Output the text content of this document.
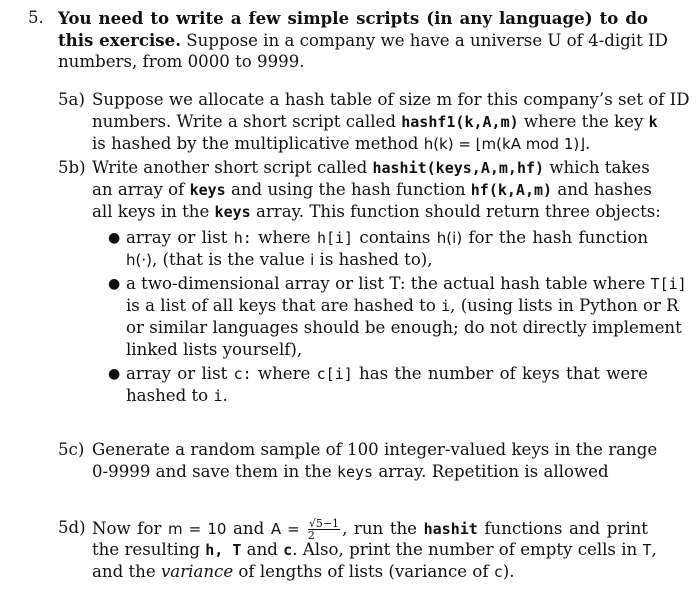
5. You need to write a few simple scripts (in any language) to do
this exercise. Suppose in a company we have a universe U of 4-digit ID
numbers, from 0000 to 9999.
5a) Suppose we allocate a hash table of size m for this company’s set of ID
numbers. Write a short script called hashf1(k,A,m) where the key k
is hashed by the multiplicative method h(k) = ⌊m(kA mod 1)⌋.
5b) Write another short script called hashit(keys,A,m,hf) which takes
an array of keys and using the hash function hf(k,A,m) and hashes
all keys in the keys array. This function should return three objects:
● array or list h: where h[i] contains h(i) for the hash function
h(·), (that is the value i is hashed to),
● a two-dimensional array or list T: the actual hash table where T[i]
is a list of all keys that are hashed to i, (using lists in Python or R
or similar languages should be enough; do not directly implement
linked lists yourself),
● array or list c: where c[i] has the number of keys that were
hashed to i.
5c) Generate a random sample of 100 integer-valued keys in the range
0-9999 and save them in the keys array. Repetition is allowed
5d) Now for m = 10 and $A = \frac{√5-1}{2}$ , run the hashit functions and print
the resulting h, T and c. Also, print the number of empty cells in T,
and the variance of lengths of lists (variance of c).
